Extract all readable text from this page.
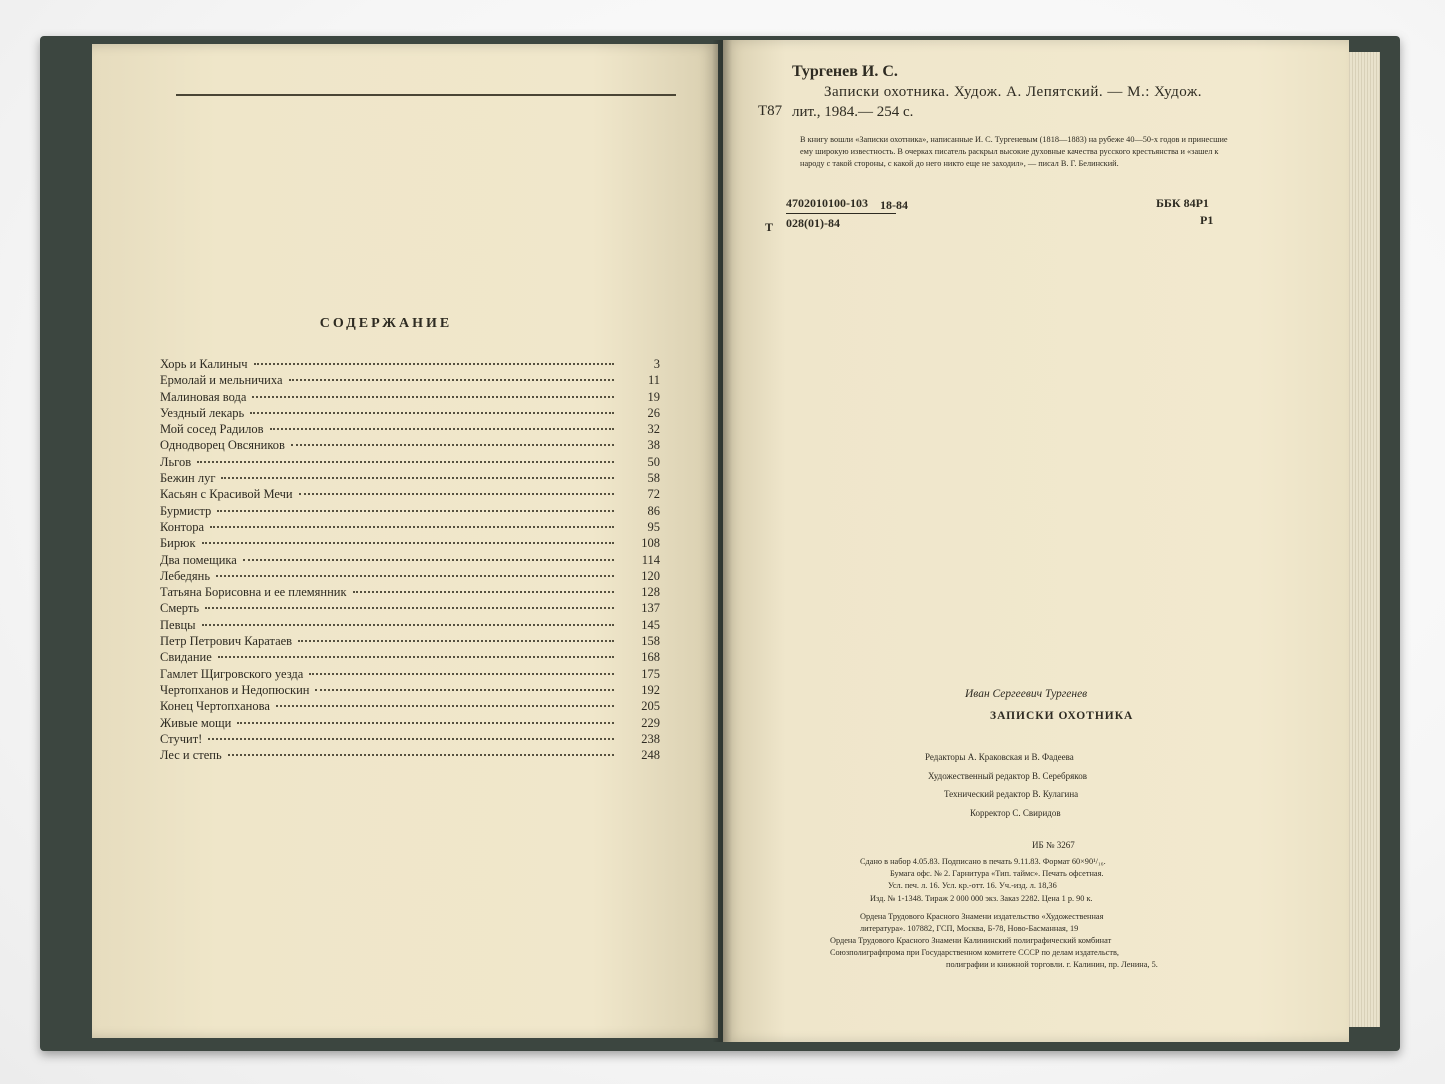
СОДЕРЖАНИЕ
Хорь и Калиныч	3
Ермолай и мельничиха	11
Малиновая вода	19
Уездный лекарь	26
Мой сосед Радилов	32
Однодворец Овсяников	38
Льгов	50
Бежин луг	58
Касьян с Красивой Мечи	72
Бурмистр	86
Контора	95
Бирюк	108
Два помещика	114
Лебедянь	120
Татьяна Борисовна и ее племянник	128
Смерть	137
Певцы	145
Петр Петрович Каратаев	158
Свидание	168
Гамлет Щигровского уезда	175
Чертопханов и Недопюскин	192
Конец Чертопханова	205
Живые мощи	229
Стучит!	238
Лес и степь	248
Тургенев И. С.
Т87
Записки охотника. Худож. А. Лепятский. — М.: Худож.
лит., 1984.— 254 с.
В книгу вошли «Записки охотника», написанные И. С. Тургеневым (1818—1883) на рубеже 40—50-х годов и принесшие ему широкую известность. В очерках писатель раскрыл высокие духовные качества русского крестьянства и «зашел к народу с такой стороны, с какой до него никто еще не заходил», — писал В. Г. Белинский.
Т
4702010100-103
028(01)-84
18-84	ББК 84Р1
Р1
Иван Сергеевич Тургенев
ЗАПИСКИ ОХОТНИКА
Редакторы А. Краковская и В. Фадеева
Художественный редактор В. Серебряков
Технический редактор В. Кулагина
Корректор С. Свиридов
ИБ № 3267
Сдано в набор 4.05.83. Подписано в печать 9.11.83. Формат 60×90¹/₁₆.
Бумага офс. № 2. Гарнитура «Тип. таймс». Печать офсетная.
Усл. печ. л. 16. Усл. кр.-отт. 16. Уч.-изд. л. 18,36
Изд. № 1-1348. Тираж 2 000 000 экз. Заказ 2282. Цена 1 р. 90 к.
Ордена Трудового Красного Знамени издательство «Художественная
литература». 107882, ГСП, Москва, Б-78, Ново-Басманная, 19
Ордена Трудового Красного Знамени Калининский полиграфический комбинат
Союзполиграфпрома при Государственном комитете СССР по делам издательств,
полиграфии и книжной торговли. г. Калинин, пр. Ленина, 5.
